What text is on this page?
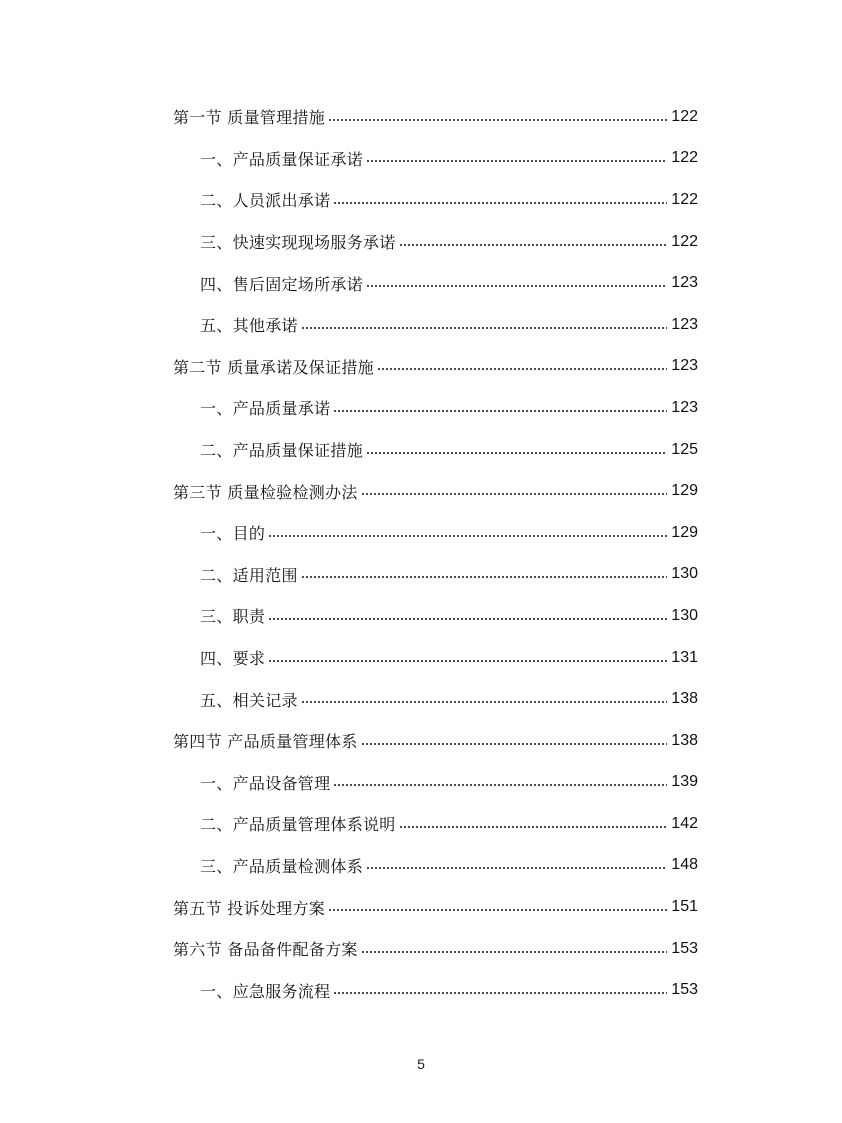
第一节 质量管理措施	122
一、产品质量保证承诺	122
二、人员派出承诺	122
三、快速实现现场服务承诺	122
四、售后固定场所承诺	123
五、其他承诺	123
第二节 质量承诺及保证措施	123
一、产品质量承诺	123
二、产品质量保证措施	125
第三节 质量检验检测办法	129
一、目的	129
二、适用范围	130
三、职责	130
四、要求	131
五、相关记录	138
第四节 产品质量管理体系	138
一、产品设备管理	139
二、产品质量管理体系说明	142
三、产品质量检测体系	148
第五节 投诉处理方案	151
第六节 备品备件配备方案	153
一、应急服务流程	153
5
